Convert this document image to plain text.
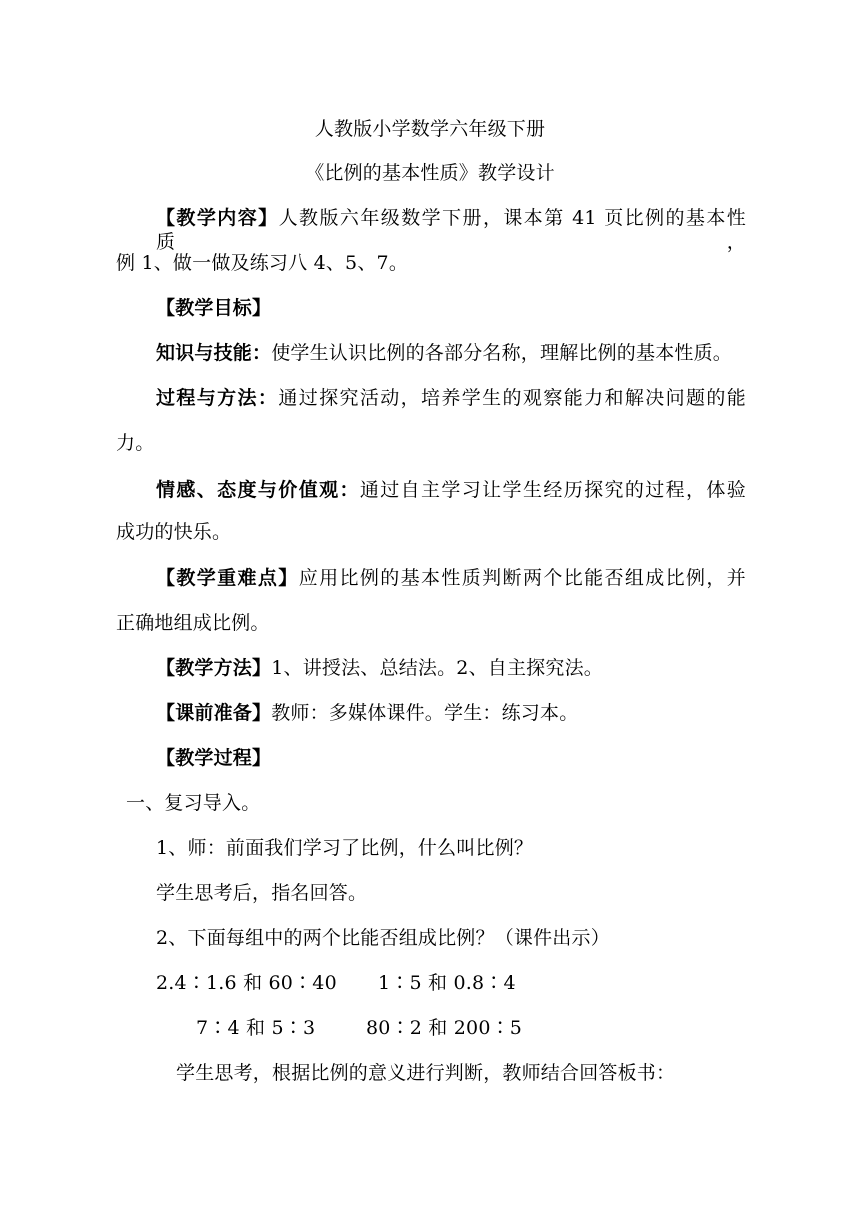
人教版小学数学六年级下册
《比例的基本性质》教学设计
【教学内容】人教版六年级数学下册，课本第 41 页比例的基本性质，
例 1、做一做及练习八 4、5、7。
【教学目标】
知识与技能：使学生认识比例的各部分名称，理解比例的基本性质。
过程与方法：通过探究活动，培养学生的观察能力和解决问题的能
力。
情感、态度与价值观：通过自主学习让学生经历探究的过程，体验
成功的快乐。
【教学重难点】应用比例的基本性质判断两个比能否组成比例，并
正确地组成比例。
【教学方法】1、讲授法、总结法。2、自主探究法。
【课前准备】教师：多媒体课件。学生：练习本。
【教学过程】
一、复习导入。
1、师：前面我们学习了比例，什么叫比例？
学生思考后，指名回答。
2、下面每组中的两个比能否组成比例？（课件出示）
2.4∶1.6 和 60∶40 1∶5 和 0.8∶4
7∶4 和 5∶3	80∶2 和 200∶5
学生思考，根据比例的意义进行判断，教师结合回答板书：
